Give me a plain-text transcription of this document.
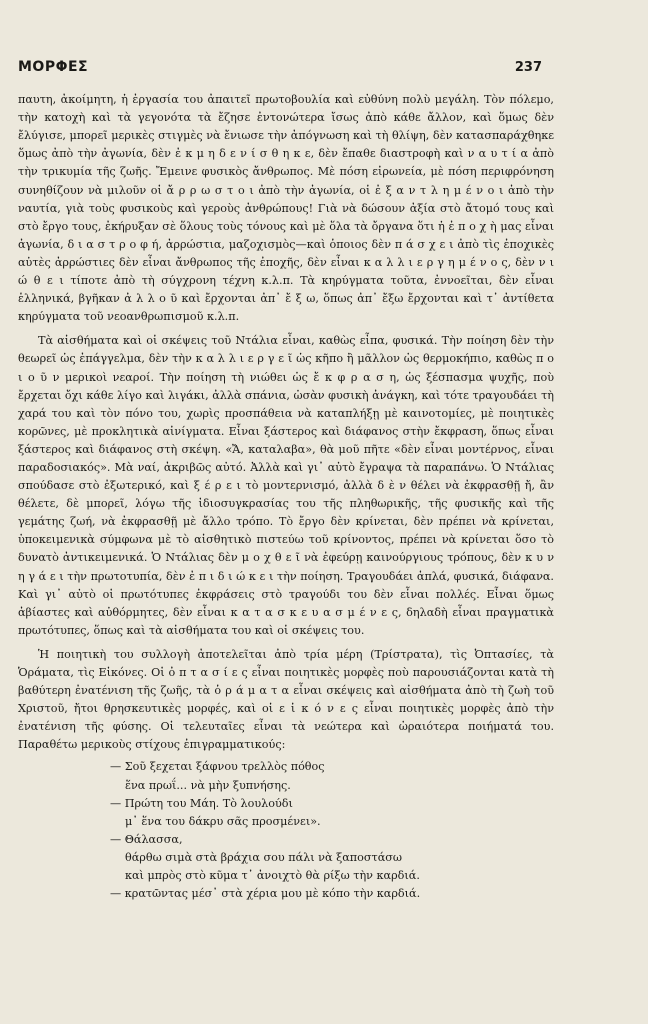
ΜΟΡΦΕΣ	237

παυτη, ἀκοίμητη, ἡ ἐργασία του ἀπαιτεῖ πρωτοβουλία καὶ εὐθύνη πολὺ μεγάλη. Τὸν πόλεμο, τὴν κατοχὴ καὶ τὰ γεγονότα τὰ ἔζησε ἐντονώτερα ἴσως ἀπὸ κάθε ἄλλον, καὶ ὅμως δὲν ἔλύγισε, μπορεῖ μερικὲς στιγμὲς νὰ ἔνιωσε τὴν ἀπόγνωση καὶ τὴ θλίψη, δὲν κατασπαράχθηκε ὅμως ἀπὸ τὴν ἀγωνία, δὲν ἐ κ μ η δ ε ν ί σ θ η κ ε, δὲν ἔπαθε διαστροφὴ καὶ ν α υ τ ί α ἀπὸ τὴν τρικυμία τῆς ζωῆς. Ἔμεινε φυσικὸς ἄνθρωπος. Μὲ πόση εἰρωνεία, μὲ πόση περιφρόνηση συνηθίζουν νὰ μιλοῦν οἱ ἄ ρ ρ ω σ τ ο ι ἀπὸ τὴν ἀγωνία, οἱ ἐ ξ α ν τ λ η μ έ ν ο ι ἀπὸ τὴν ναυτία, γιὰ τοὺς φυσικοὺς καὶ γεροὺς ἀνθρώπους! Γιὰ νὰ δώσουν ἀξία στὸ ἄτομό τους καὶ στὸ ἔργο τους, ἐκήρυξαν σὲ ὅλους τοὺς τόνους καὶ μὲ ὅλα τὰ ὄργανα ὅτι ἡ ἐ π ο χ ὴ μας εἶναι ἀγωνία, δ ι α σ τ ρ ο φ ή, ἀρρώστια, μαζοχισμὸς—καὶ ὁποιος δὲν π ά σ χ ε ι ἀπὸ τὶς ἐποχικὲς αὐτὲς ἀρρώστιες δὲν εἶναι ἄνθρωπος τῆς ἐποχῆς, δὲν εἶναι κ α λ λ ι ε ρ γ η μ έ ν ο ς, δὲν ν ι ώ θ ε ι τίποτε ἀπὸ τὴ σύγχρονη τέχνη κ.λ.π. Τὰ κηρύγματα τοῦτα, ἐννοεῖται, δὲν εἶναι ἑλληνικά, βγῆκαν ἀ λ λ ο ῦ καὶ ἔρχονται ἀπ᾿ ἔ ξ ω, ὅπως ἀπ᾿ ἔξω ἔρχονται καὶ τ᾿ ἀντίθετα κηρύγματα τοῦ νεοανθρωπισμοῦ κ.λ.π.

Τὰ αἰσθήματα καὶ οἱ σκέψεις τοῦ Ντάλια εἶναι, καθὼς εἶπα, φυσικά. Τὴν ποίηση δὲν τὴν θεωρεῖ ὡς ἐπάγγελμα, δὲν τὴν κ α λ λ ι ε ρ γ ε ῖ ὡς κῆπο ἢ μᾶλλον ὡς θερμοκήπιο, καθὼς π ο ι ο ῦ ν μερικοὶ νεαροί. Τὴν ποίηση τὴ νιώθει ὡς ἔ κ φ ρ α σ η, ὡς ξέσπασμα ψυχῆς, ποὺ ἔρχεται ὄχι κάθε λίγο καὶ λιγάκι, ἀλλὰ σπάνια, ὡσὰν φυσικὴ ἀνάγκη, καὶ τότε τραγουδάει τὴ χαρά του καὶ τὸν πόνο του, χωρὶς προσπάθεια νὰ καταπλήξῃ μὲ καινοτομίες, μὲ ποιητικὲς κορῶνες, μὲ προκλητικὰ αἰνίγματα. Εἶναι ξάστερος καὶ διάφανος στὴν ἔκφραση, ὅπως εἶναι ξάστερος καὶ διάφανος στὴ σκέψη. «Ἄ, καταλαβα», θὰ μοῦ πῆτε «δὲν εἶναι μοντέρνος, εἶναι παραδοσιακός». Μὰ ναί, ἀκριβῶς αὐτό. Ἀλλὰ καὶ γι᾿ αὐτὸ ἔγραψα τὰ παραπάνω. Ὁ Ντάλιας σπούδασε στὸ ἐξωτερικό, καὶ ξ έ ρ ε ι τὸ μοντερνισμό, ἀλλὰ δ ὲ ν θέλει νὰ ἐκφρασθῇ ἤ, ἂν θέλετε, δὲ μπορεῖ, λόγω τῆς ἰδιοσυγκρασίας του τῆς πληθωρικῆς, τῆς φυσικῆς καὶ τῆς γεμάτης ζωή, νὰ ἐκφρασθῇ μὲ ἄλλο τρόπο. Τὸ ἔργο δὲν κρίνεται, δὲν πρέπει νὰ κρίνεται, ὑποκειμενικὰ σύμφωνα μὲ τὸ αἰσθητικὸ πιστεύω τοῦ κρίνοντος, πρέπει νὰ κρίνεται ὅσο τὸ δυνατὸ ἀντικειμενικά. Ὁ Ντάλιας δὲν μ ο χ θ ε ῖ νὰ ἐφεύρῃ καινούργιους τρόπους, δὲν κ υ ν η γ ά ε ι τὴν πρωτοτυπία, δὲν ἐ π ι δ ι ώ κ ε ι τὴν ποίηση. Τραγουδάει ἁπλά, φυσικά, διάφανα. Καὶ γι᾿ αὐτὸ οἱ πρωτότυπες ἐκφράσεις στὸ τραγούδι του δὲν εἶναι πολλές. Εἶναι ὅμως ἀβίαστες καὶ αὐθόρμητες, δὲν εἶναι κ α τ α σ κ ε υ α σ μ έ ν ε ς, δηλαδὴ εἶναι πραγματικὰ πρωτότυπες, ὅπως καὶ τὰ αἰσθήματα του καὶ οἱ σκέψεις του.

Ἡ ποιητικὴ του συλλογὴ ἀποτελεῖται ἀπὸ τρία μέρη (Τρίστρατα), τὶς Ὀπτασίες, τὰ Ὁράματα, τὶς Εἰκόνες. Οἱ ὀ π τ α σ ί ε ς εἶναι ποιητικὲς μορφὲς ποὺ παρουσιάζονται κατὰ τὴ βαθύτερη ἐνατένιση τῆς ζωῆς, τὰ ὁ ρ ά μ α τ α εἶναι σκέψεις καὶ αἰσθήματα ἀπὸ τὴ ζωὴ τοῦ Χριστοῦ, ἤτοι θρησκευτικὲς μορφές, καὶ οἱ ε ἰ κ ό ν ε ς εἶναι ποιητικὲς μορφὲς ἀπὸ τὴν ἐνατένιση τῆς φύσης. Οἱ τελευταῖες εἶναι τὰ νεώτερα καὶ ὡραιότερα ποιήματά του. Παραθέτω μερικοὺς στίχους ἐπιγραμματικούς:

— Σοῦ ξεχεται ξάφνου τρελλὸς πόθος
ἕνα πρωΐ... νὰ μὴν ξυπνήσης.
— Πρώτη του Μάη. Τὸ λουλούδι
μ᾿ ἕνα του δάκρυ σᾶς προσμένει».
— Θάλασσα,
θάρθω σιμὰ στὰ βράχια σου πάλι νὰ ξαποστάσω
καὶ μπρὸς στὸ κῦμα τ᾿ ἀνοιχτὸ θὰ ρίξω τὴν καρδιά.
— κρατῶντας μέσ᾿ στὰ χέρια μου μὲ κόπο τὴν καρδιά.
